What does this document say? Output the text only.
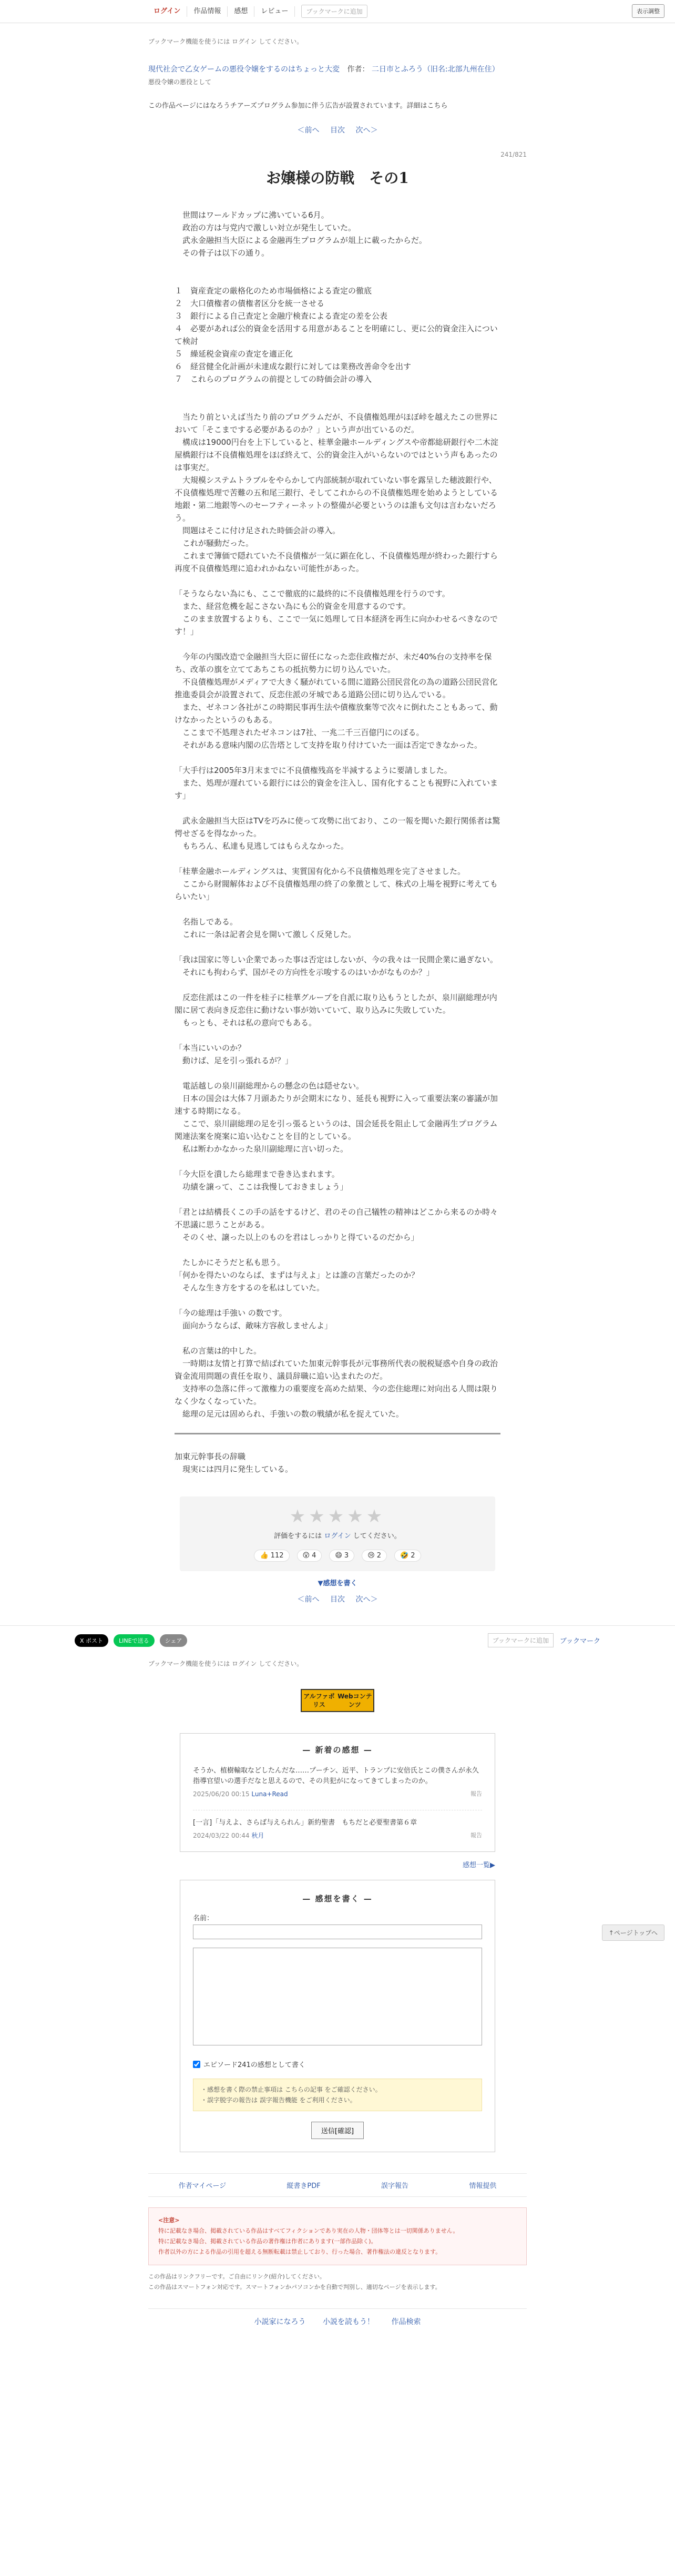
ログイン	作品情報	感想	レビュー	ブックマークに追加	表示調整
ブックマーク機能を使うには ログイン してください。
現代社会で乙女ゲームの悪役令嬢をするのはちょっと大変 作者： 二日市とふろう（旧名:北部九州在住）
悪役令嬢の悪役として
この作品ページにはなろうチアーズプログラム参加に伴う広告が設置されています。詳細はこちら
＜前へ 目次 次へ＞
241/821
お嬢様の防戦　その1
　世間はワールドカップに沸いている6月。
　政治の方は与党内で激しい対立が発生していた。
　武永金融担当大臣による金融再生プログラムが俎上に載ったからだ。
　その骨子は以下の通り。
１　資産査定の厳格化のため市場価格による査定の徹底
２　大口債権者の債権者区分を統一させる
３　銀行による自己査定と金融庁検査による査定の差を公表
４　必要があれば公的資金を活用する用意があることを明確にし、更に公的資金注入について検討
５　繰延税金資産の査定を適正化
６　経営健全化計画が未達成な銀行に対しては業務改善命令を出す
７　これらのプログラムの前提としての時価会計の導入
　当たり前といえば当たり前のプログラムだが、不良債権処理がほぼ峠を越えたこの世界において「そこまでする必要があるのか？」という声が出ているのだ。
　構成は19000円台を上下していると、桂華金融ホールディングスや帝都総研銀行や二木淀屋橋銀行は不良債権処理をほぼ終えて、公的資金注入がいらないのではという声もあったのは事実だ。
　大規模システムトラブルをやらかして内部統制が取れていない事を露呈した穂波銀行や、不良債権処理で苦難の五和尾三銀行、そしてこれからの不良債権処理を始めようとしている地銀・第二地銀等へのセーフティーネットの整備が必要というのは誰も文句は言わないだろう。
　問題はそこに付け足された時価会計の導入。
　これが騒動だった。
　これまで簿価で隠れていた不良債権が一気に顕在化し、不良債権処理が終わった銀行すら再度不良債権処理に追われかねない可能性があった。
「そうならない為にも、ここで徹底的に最終的に不良債権処理を行うのです。
　また、経営危機を起こさない為にも公的資金を用意するのです。
　このまま放置するよりも、ここで一気に処理して日本経済を再生に向かわせるべきなのです！」
　今年の内閣改造で金融担当大臣に留任になった恋住政権だが、未だ40%台の支持率を保ち、改革の旗を立ててあちこちの抵抗勢力に切り込んでいた。
　不良債権処理がメディアで大きく騒がれている間に道路公団民営化の為の道路公団民営化推進委員会が設置されて、反恋住派の牙城である道路公団に切り込んでいる。
　また、ゼネコン各社がこの時期民事再生法や債権放棄等で次々に倒れたこともあって、動けなかったというのもある。
　ここまで不処理されたゼネコンは7社、一兆二千三百億円にのぼる。
　それがある意味内閣の広告塔として支持を取り付けていた一面は否定できなかった。
「大手行は2005年3月末までに不良債権残高を半減するように要請しました。
　また、処理が遅れている銀行には公的資金を注入し、国有化することも視野に入れています」
　武永金融担当大臣はTVを巧みに使って攻勢に出ており、この一報を聞いた銀行関係者は驚愕せざるを得なかった。
　もちろん、私達も見逃してはもらえなかった。
「桂華金融ホールディングスは、実質国有化から不良債権処理を完了させました。
　ここから財閥解体および不良債権処理の終了の象徴として、株式の上場を視野に考えてもらいたい」
　名指しである。
　これに一条は記者会見を開いて激しく反発した。
「我は国家に等しい企業であった事は否定はしないが、今の我々は一民間企業に過ぎない。
　それにも拘わらず、国がその方向性を示唆するのはいかがなものか？」
　反恋住派はこの一件を桂子に桂華グループを自派に取り込もうとしたが、泉川副総理が内閣に居て表向き反恋住に動けない事が効いていて、取り込みに失敗していた。
　もっとも、それは私の意向でもある。
「本当にいいのか？
　動けば、足を引っ張れるが？」
　電話越しの泉川副総理からの懸念の色は隠せない。
　日本の国会は大体７月頭あたりが会期末になり、延長も視野に入って重要法案の審議が加速する時期になる。
　ここで、泉川副総理の足を引っ張るというのは、国会延長を阻止して金融再生プログラム関連法案を廃案に追い込むことを目的としている。
　私は断わかなかった泉川副総理に言い切った。
「今大臣を潰したら総理まで巻き込まれます。
　功績を譲って、ここは我慢しておきましょう」
「君とは結構長くこの手の話をするけど、君のその自己犠牲の精神はどこから来るのか時々不思議に思うことがある。
　そのくせ、譲った以上のものを君はしっかりと得ているのだから」
　たしかにそうだと私も思う。
「何かを得たいのならば、まずは与えよ」とは誰の言葉だったのか？
　そんな生き方をするのを私はしていた。
「今の総理は手強い の数です。
　面向かうならば、敵味方容赦しませんよ」
　私の言葉は的中した。
　一時期は友情と打算で結ばれていた加東元幹事長が元事務所代表の脱税疑惑や自身の政治資金流用問題の責任を取り、議員辞職に追い込まれたのだ。
　支持率の急落に伴って激権力の重要度を高めた結果、今の恋住総理に対向出る人間は限りなく少なくなっていた。
　総理の足元は固められ、手強いの数の戦績が私を捉えていた。
加東元幹事長の辞職
　現実には四月に発生している。
★★★★★
評価をするには ログイン してください。
👍 112	😲 4	😄 3	😢 2	🤣 2
▼感想を書く
＜前へ 目次 次へ＞
X ポスト	LINEで送る	シェア	ブックマークに追加	ブックマーク
ブックマーク機能を使うには ログイン してください。
↑ページトップへ
アルファポリス
Webコンテンツ
— 新着の感想 —
そうか、植樹輸取などしたんだな……プーチン、近平、トランプに安倍氏とこの僕さんが永久指導官望いの選手だなと思えるので、その共犯がになってきてしまったのか。
2025/06/20 00:15 Luna+Read	報告
[一言]「与えよ、さらば与えられん」新約聖書　もちだと必要聖書第６章
2024/03/22 00:44 秋月	報告
感想一覧▶
— 感想を書く —
名前：

エピソード241の感想として書く
・感想を書く際の禁止事項は こちらの記事 をご確認ください。
・誤字脱字の報告は 誤字報告機能 をご利用ください。
送信[確認]
作者マイページ	縦書きPDF	誤字報告	情報提供
<注意>
特に記載なき場合、掲載されている作品はすべてフィクションであり実在の人物・団体等とは一切関係ありません。
特に記載なき場合、掲載されている作品の著作権は作者にあります(一部作品除く)。
作者以外の方による作品の引用を超える無断転載は禁止しており、行った場合、著作権法の違反となります。
この作品はリンクフリーです。ご自由にリンク(紹介)してください。
この作品はスマートフォン対応です。スマートフォンかパソコンかを自動で判別し、適切なページを表示します。
小説家になろう 小説を読もう！ 作品検索
